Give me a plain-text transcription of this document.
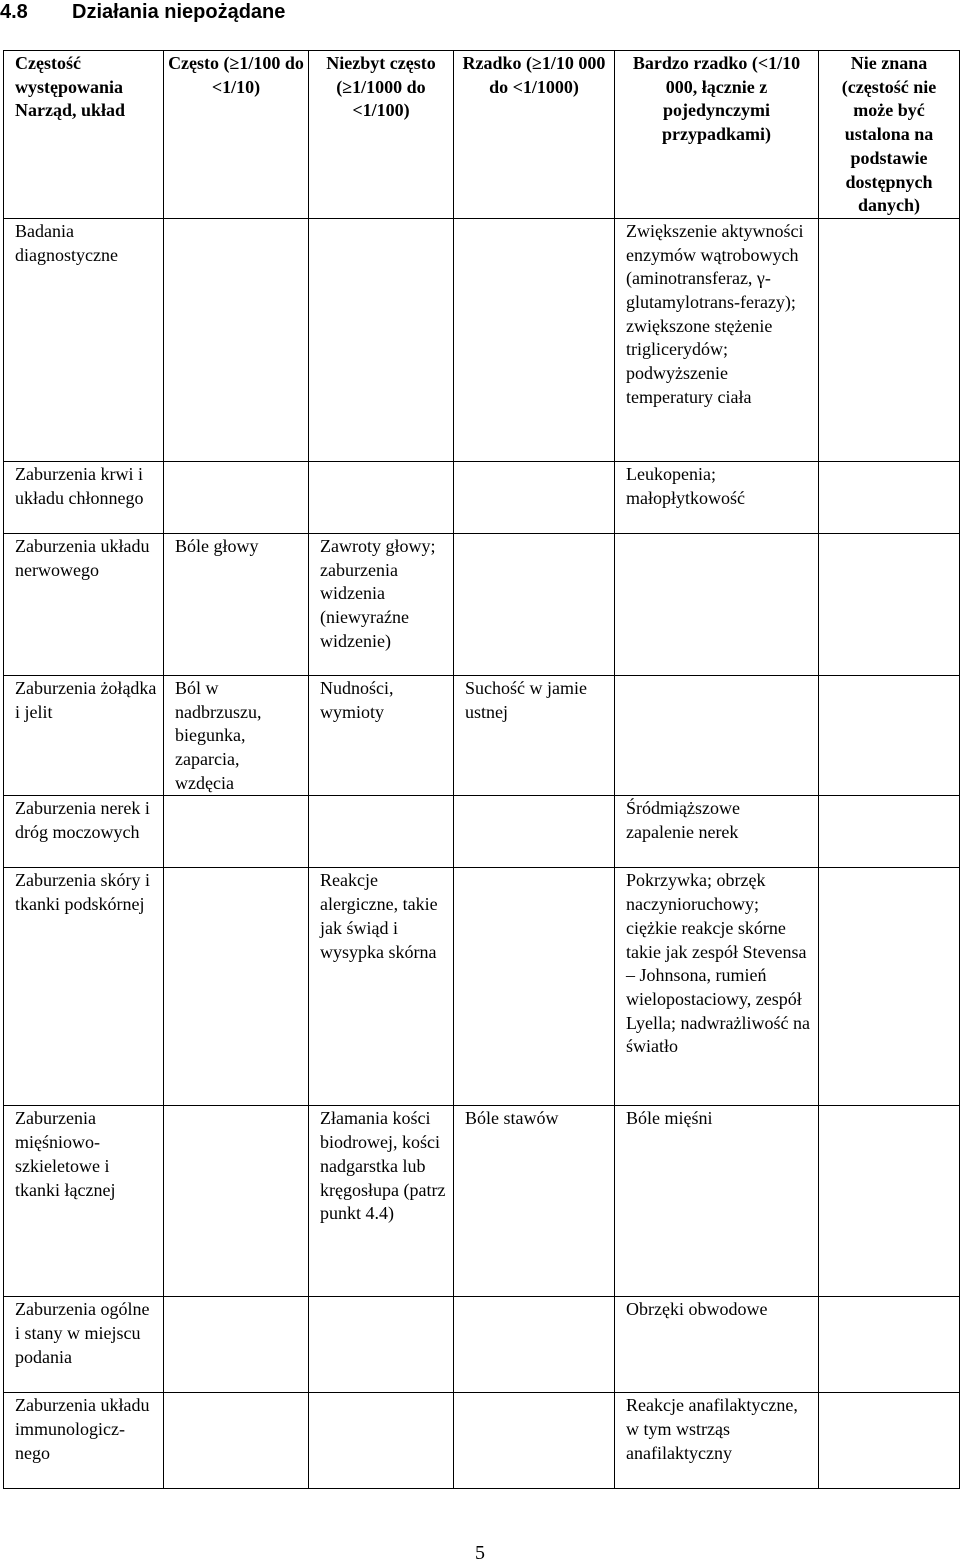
4.8 Działania niepożądane
Częstość występowania Narząd, układ	Często (≥1/100 do <1/10)	Niezbyt często (≥1/1000 do <1/100)	Rzadko (≥1/10 000 do <1/1000)	Bardzo rzadko (<1/10 000, łącznie z pojedynczymi przypadkami)	Nie znana (częstość nie może być ustalona na podstawie dostępnych danych)
Badania diagnostyczne				Zwiększenie aktywności enzymów wątrobowych (aminotransferaz, γ-glutamylotrans-ferazy); zwiększone stężenie triglicerydów; podwyższenie temperatury ciała	
Zaburzenia krwi i układu chłonnego				Leukopenia; małopłytkowość	
Zaburzenia układu nerwowego	Bóle głowy	Zawroty głowy; zaburzenia widzenia (niewyraźne widzenie)			
Zaburzenia żołądka i jelit	Ból w nadbrzuszu, biegunka, zaparcia, wzdęcia	Nudności, wymioty	Suchość w jamie ustnej		
Zaburzenia nerek i dróg moczowych				Śródmiąższowe zapalenie nerek	
Zaburzenia skóry i tkanki podskórnej		Reakcje alergiczne, takie jak świąd i wysypka skórna		Pokrzywka; obrzęk naczynioruchowy; ciężkie reakcje skórne takie jak zespół Stevensa – Johnsona, rumień wielopostaciowy, zespół Lyella; nadwrażliwość na światło	
Zaburzenia mięśniowo-szkieletowe i tkanki łącznej		Złamania kości biodrowej, kości nadgarstka lub kręgosłupa (patrz punkt 4.4)	Bóle stawów	Bóle mięśni	
Zaburzenia ogólne i stany w miejscu podania				Obrzęki obwodowe	
Zaburzenia układu immunologicz-nego				Reakcje anafilaktyczne, w tym wstrząs anafilaktyczny	
5
